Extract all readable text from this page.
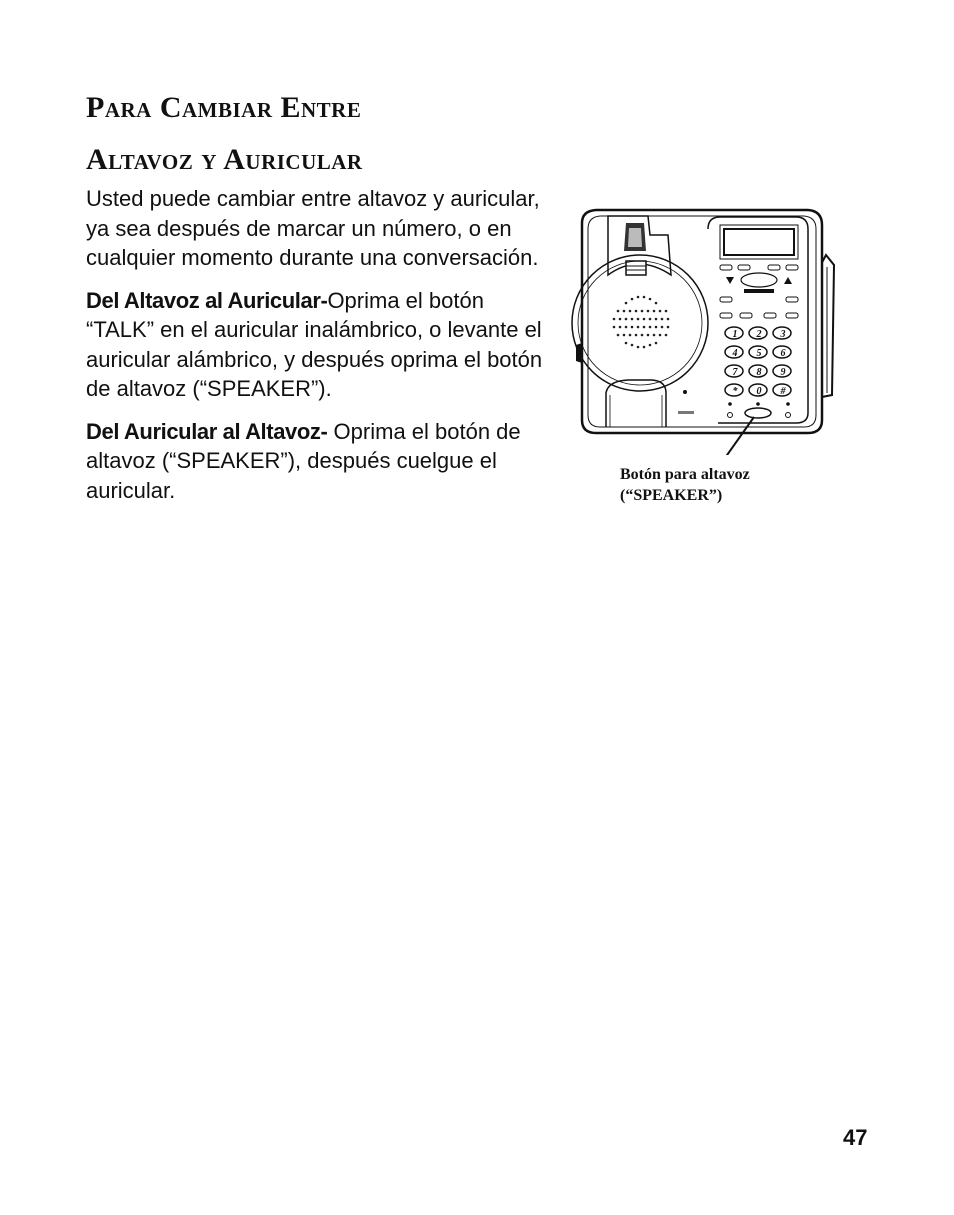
Para Cambiar Entre
Altavoz y Auricular

Usted puede cambiar entre altavoz y auricular, ya sea después de marcar un número, o en cualquier momento durante una conversación.

Del Altavoz al Auricular-Oprima el botón “TALK” en el auricular inalámbrico, o levante el auricular alámbrico, y después oprima el botón de altavoz (“SPEAKER”).

Del Auricular al Altavoz- Oprima el botón de altavoz (“SPEAKER”), después cuelgue el auricular.

1 2 3
4 5 6
7 8 9
* 0 #
Botón para altavoz
(“SPEAKER”)
47
